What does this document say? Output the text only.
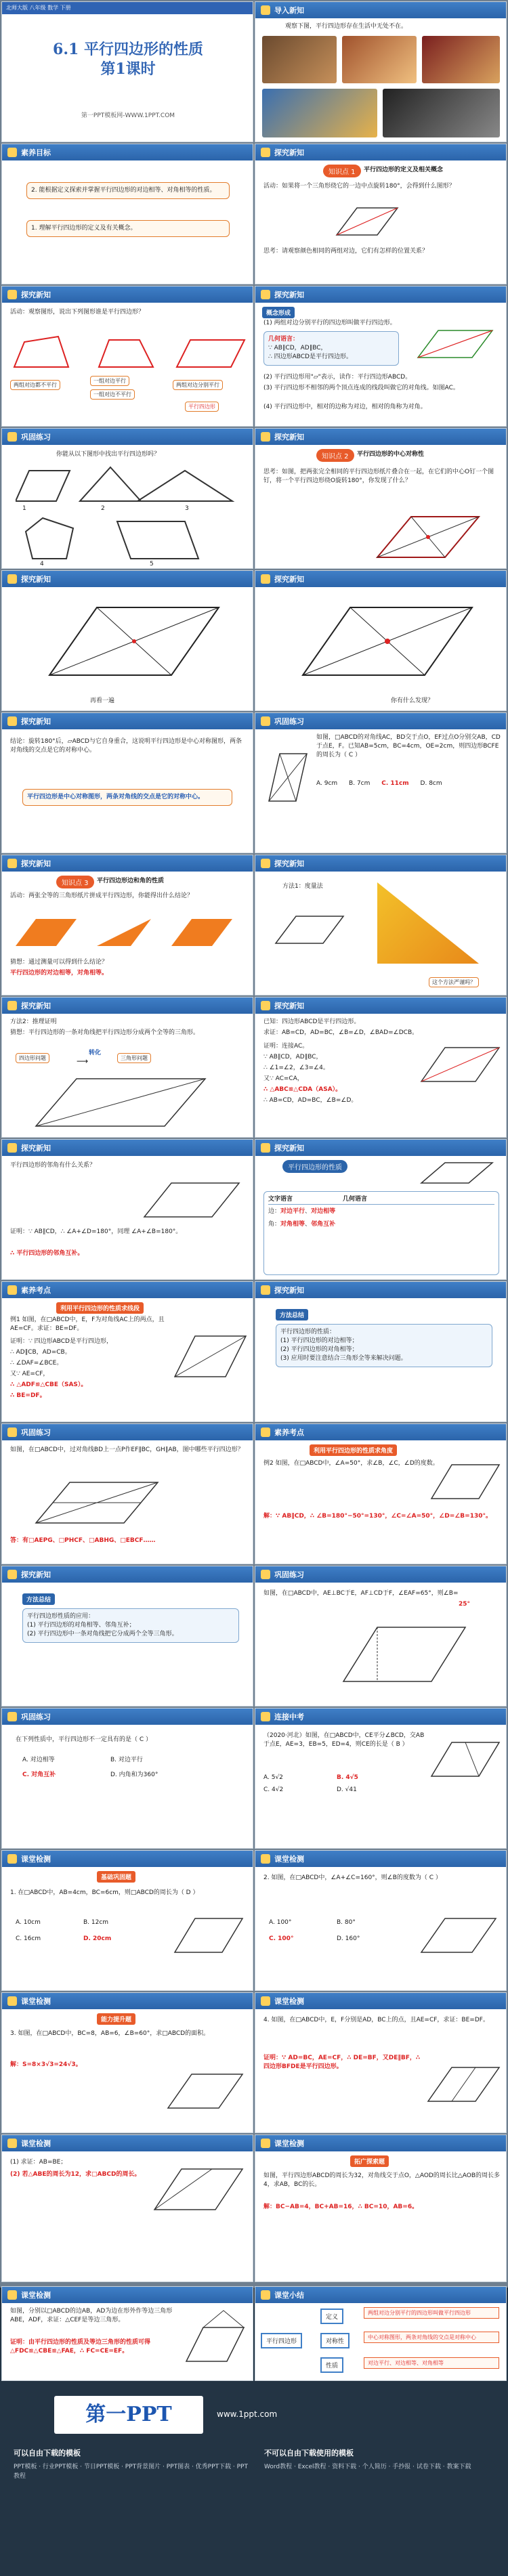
北师大版 八年级 数学 下册
6.1 平行四边形的性质
第1课时
第一PPT模板网-WWW.1PPT.COM
导入新知
观察下图，平行四边形存在生活中无处不在。
素养目标
2. 能根据定义探索并掌握平行四边形的对边相等、对角相等的性质。
1. 理解平行四边形的定义及有关概念。
探究新知
知识点 1	平行四边形的定义及相关概念
活动：如果将一个三角形绕它的一边中点旋转180°，会得到什么图形？
思考：请观察颜色相同的两组对边，它们有怎样的位置关系？
探究新知
活动：观察图形，说出下列图形谁是平行四边形？
两组对边都不平行
一组对边平行
一组对边不平行
两组对边分别平行
平行四边形
探究新知
概念形成
(1) 两组对边分别平行的四边形叫做平行四边形。
几何语言：
∵ AB∥CD，AD∥BC，
∴ 四边形ABCD是平行四边形。
(2) 平行四边形用"▱"表示，读作：平行四边形ABCD。
(3) 平行四边形不相邻的两个顶点连成的线段叫做它的对角线。如图AC。
(4) 平行四边形中，相对的边称为对边，相对的角称为对角。
巩固练习
你能从以下图形中找出平行四边形吗？
1	2	3
4	5
探究新知
知识点 2	平行四边形的中心对称性
思考：如图，把两张完全相同的平行四边形纸片叠合在一起，在它们的中心O钉一个图钉，将一个平行四边形绕O旋转180°，你发现了什么？
探究新知
再看一遍
探究新知
你有什么发现？
探究新知
结论：旋转180°后，▱ABCD与它自身重合，这说明平行四边形是中心对称图形，两条对角线的交点是它的对称中心。
平行四边形是中心对称图形，两条对角线的交点是它的对称中心。
巩固练习
如图，□ABCD的对角线AC，BD交于点O，EF过点O分别交AB，CD于点E，F。已知AB=5cm，BC=4cm，OE=2cm，则四边形BCFE的周长为（ C ）
A. 9cm B. 7cm C. 11cm D. 8cm
探究新知
知识点 3	平行四边形边和角的性质
活动：两张全等的三角形纸片拼成平行四边形，你能得出什么结论？
猜想：通过测量可以得到什么结论？
平行四边形的对边相等，对角相等。
探究新知
方法1：度量法
这个方法严谨吗？
探究新知
方法2：推理证明
猜想：平行四边形的一条对角线把平行四边形分成两个全等的三角形。
四边形问题
转化
⟶	三角形问题
探究新知
已知：四边形ABCD是平行四边形。
求证：AB=CD，AD=BC，∠B=∠D，∠BAD=∠DCB。
证明：连接AC。
∵ AB∥CD，AD∥BC，
∴ ∠1=∠2，∠3=∠4。
又∵ AC=CA，
∴ △ABC≌△CDA（ASA）。
∴ AB=CD，AD=BC，∠B=∠D。
探究新知
平行四边形的邻角有什么关系？
证明：∵ AB∥CD，∴ ∠A+∠D=180°，同理 ∠A+∠B=180°。
∴ 平行四边形的邻角互补。
探究新知
平行四边形的性质
文字语言	几何语言
边：对边平行、对边相等
角：对角相等、邻角互补
素养考点
利用平行四边形的性质求线段
例1 如图，在□ABCD中，E，F为对角线AC上的两点，且AE=CF。求证：BE=DF。
证明：∵ 四边形ABCD是平行四边形，
∴ AD∥CB，AD=CB。
∴ ∠DAF=∠BCE。
又∵ AE=CF，
∴ △ADF≌△CBE（SAS）。
∴ BE=DF。
探究新知
方法总结
平行四边形的性质：
(1) 平行四边形的对边相等；
(2) 平行四边形的对角相等；
(3) 应用时要注意结合三角形全等来解决问题。
巩固练习
如图，在□ABCD中，过对角线BD上一点P作EF∥BC，GH∥AB，图中哪些平行四边形？
答：有□AEPG、□PHCF、□ABHG、□EBCF……
素养考点
利用平行四边形的性质求角度
例2 如图，在□ABCD中，∠A=50°，求∠B，∠C，∠D的度数。
解：∵ AB∥CD，∴ ∠B=180°−50°=130°，∠C=∠A=50°，∠D=∠B=130°。
探究新知
方法总结
平行四边形性质的应用：
(1) 平行四边形的对角相等、邻角互补；
(2) 平行四边形中一条对角线把它分成两个全等三角形。
巩固练习
如图，在□ABCD中，AE⊥BC于E，AF⊥CD于F，∠EAF=65°，则∠B=
25°
巩固练习
在下列性质中，平行四边形不一定具有的是（ C ）
A. 对边相等	B. 对边平行
C. 对角互补	D. 内角和为360°
连接中考
（2020·河北）如图，在□ABCD中，CE平分∠BCD，交AB于点E，AE=3，EB=5，ED=4，则CE的长是（ B ）
A. 5√2	B. 4√5
C. 4√2	D. √41
课堂检测
基础巩固题
1. 在□ABCD中，AB=4cm，BC=6cm，则□ABCD的周长为（ D ）
A. 10cm	B. 12cm
C. 16cm	D. 20cm
课堂检测
2. 如图，在□ABCD中，∠A+∠C=160°，则∠B的度数为（ C ）
A. 100°	B. 80°
C. 100°	D. 160°
课堂检测
能力提升题
3. 如图，在□ABCD中，BC=8，AB=6，∠B=60°，求□ABCD的面积。
解：S=8×3√3=24√3。
课堂检测
4. 如图，在□ABCD中，E，F分别是AD，BC上的点，且AE=CF，求证：BE=DF。
证明：∵ AD=BC，AE=CF，∴ DE=BF，又DE∥BF，∴ 四边形BFDE是平行四边形。
课堂检测
(1) 求证：AB=BE；
(2) 若△ABE的周长为12，求□ABCD的周长。
课堂检测
拓广探索题
如图，平行四边形ABCD的周长为32，对角线交于点O，△AOD的周长比△AOB的周长多4，求AB，BC的长。
解：BC−AB=4，BC+AB=16，∴ BC=10，AB=6。
课堂检测
如图，分别以□ABCD的边AB，AD为边在形外作等边三角形ABE，ADF，求证：△CEF是等边三角形。
证明：由平行四边形的性质及等边三角形的性质可得△FDC≌△CBE≌△FAE，∴ FC=CE=EF。
课堂小结
平行四边形
定义
对称性
性质
两组对边分别平行的四边形叫做平行四边形
中心对称图形，两条对角线的交点是对称中心
对边平行、对边相等、对角相等
第一PPT	www.1ppt.com
可以自由下载的模板
PPT模板 · 行业PPT模板 · 节日PPT模板 · PPT背景图片 · PPT图表 · 优秀PPT下载 · PPT教程
不可以自由下载使用的模板
Word教程 · Excel教程 · 资料下载 · 个人简历 · 手抄报 · 试卷下载 · 教案下载
